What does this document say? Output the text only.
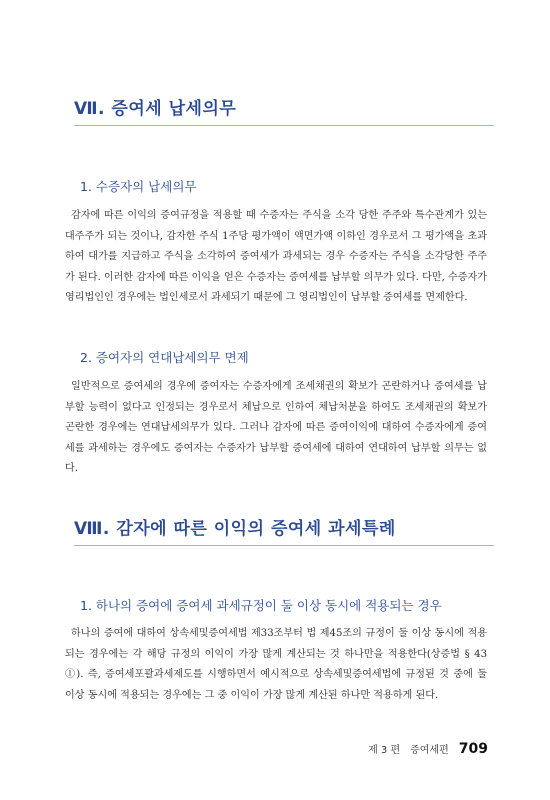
Ⅶ. 증여세 납세의무
1. 수증자의 납세의무

감자에 따른 이익의 증여규정을 적용할 때 수증자는 주식을 소각 당한 주주와 특수관계가 있는 대주주가 되는 것이나, 감자한 주식 1주당 평가액이 액면가액 이하인 경우로서 그 평가액을 초과하여 대가를 지급하고 주식을 소각하여 증여세가 과세되는 경우 수증자는 주식을 소각당한 주주가 된다. 이러한 감자에 따른 이익을 얻은 수증자는 증여세를 납부할 의무가 있다. 다만, 수증자가 영리법인인 경우에는 법인세로서 과세되기 때문에 그 영리법인이 납부할 증여세를 면제한다.

2. 증여자의 연대납세의무 면제

일반적으로 증여세의 경우에 증여자는 수증자에게 조세채권의 확보가 곤란하거나 증여세를 납부할 능력이 없다고 인정되는 경우로서 체납으로 인하여 체납처분을 하여도 조세채권의 확보가 곤란한 경우에는 연대납세의무가 있다. 그러나 감자에 따른 증여이익에 대하여 수증자에게 증여세를 과세하는 경우에도 증여자는 수증자가 납부할 증여세에 대하여 연대하여 납부할 의무는 없다.

Ⅷ. 감자에 따른 이익의 증여세 과세특례
1. 하나의 증여에 증여세 과세규정이 둘 이상 동시에 적용되는 경우

하나의 증여에 대하여 상속세및증여세법 제33조부터 법 제45조의 규정이 둘 이상 동시에 적용되는 경우에는 각 해당 규정의 이익이 가장 많게 계산되는 것 하나만을 적용한다(상증법 § 43 ①). 즉, 증여세포괄과세제도를 시행하면서 예시적으로 상속세및증여세법에 규정된 것 중에 둘 이상 동시에 적용되는 경우에는 그 중 이익이 가장 많게 계산된 하나만 적용하게 된다.

제 3 편 증여세편 709
